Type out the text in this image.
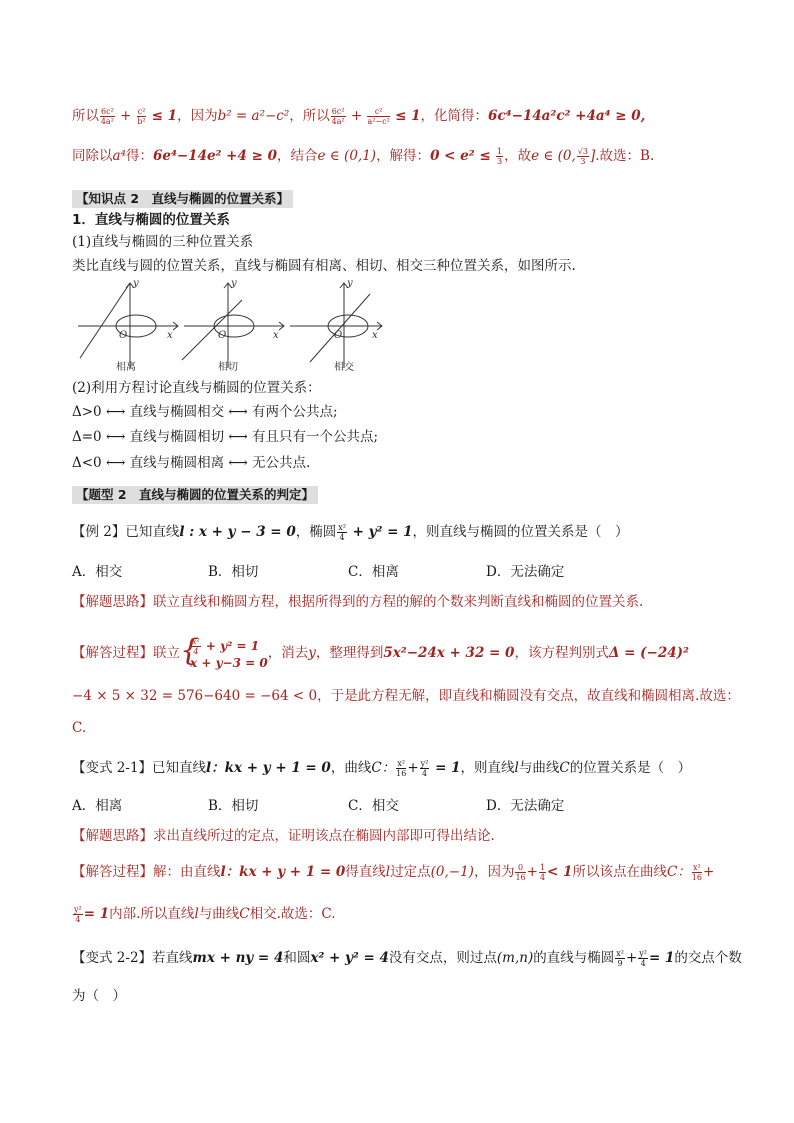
所以 $\frac{\text{6c²}}{\text{4a²}} + \frac{\text{c²}}{\text{b²}} \le 1$，因为b² = a²−c²，所以 $\frac{\text{6c²}}{\text{4a²}} + \frac{\text{c²}}{\text{a²−c²}} \le 1$，化简得：6c⁴−14a²c² +4a⁴ ≥ 0,
同除以a⁴得：6e⁴−14e² +4 ≥ 0，结合e ∈ (0,1)，解得：$0 < e^2 \le \frac{1}{3}$ ，故e ∈ (0, $\frac{√3}{3}$ ].故选：B.
【知识点 2　直线与椭圆的位置关系】
1．直线与椭圆的位置关系
(1)直线与椭圆的三种位置关系
类比直线与圆的位置关系，直线与椭圆有相离、相切、相交三种位置关系，如图所示.
y
x
O
y
x
O
y
x
O
相离	相切	相交
(2)利用方程讨论直线与椭圆的位置关系：
Δ>0 ⟷ 直线与椭圆相交 ⟷ 有两个公共点;
Δ=0 ⟷ 直线与椭圆相切 ⟷ 有且只有一个公共点;
Δ<0 ⟷ 直线与椭圆相离 ⟷ 无公共点.
【题型 2　直线与椭圆的位置关系的判定】
【例 2】已知直线l : x + y − 3 = 0，椭圆 $\frac{\text{x²}}{4} + y^2 = 1$，则直线与椭圆的位置关系是（　）
A．相交	B．相切	C．相离	D．无法确定
【解题思路】联立直线和椭圆方程，根据所得到的方程的解的个数来判断直线和椭圆的位置关系.
【解答过程】联立
{ $\frac{\text{x²}}{4} + y^2 = 1$
x + y−3 = 0
，消去y，整理得到5x²−24x + 32 = 0，该方程判别式Δ = (−24)²
−4 × 5 × 32 = 576−640 = −64 < 0，于是此方程无解，即直线和椭圆没有交点，故直线和椭圆相离.故选：
C.
【变式 2-1】已知直线l：kx + y + 1 = 0，曲线C： $\frac{\text{x²}}{16} + \frac{\text{y²}}{4} = 1$，则直线l与曲线C的位置关系是（　）
A．相离	B．相切	C．相交	D．无法确定
【解题思路】求出直线所过的定点，证明该点在椭圆内部即可得出结论.
【解答过程】解：由直线l：kx + y + 1 = 0得直线l过定点(0,−1)，因为 $\frac{0}{16} + \frac{1}{4} < 1$所以该点在曲线C： $\frac{\text{x²}}{16}$ +
$\frac{\text{y²}}{4} = 1$内部.所以直线l与曲线C相交.故选：C.
【变式 2-2】若直线mx + ny = 4和圆x² + y² = 4没有交点，则过点(m,n)的直线与椭圆 $\frac{\text{x²}}{9} + \frac{\text{y²}}{4} = 1$的交点个数
为（　）
